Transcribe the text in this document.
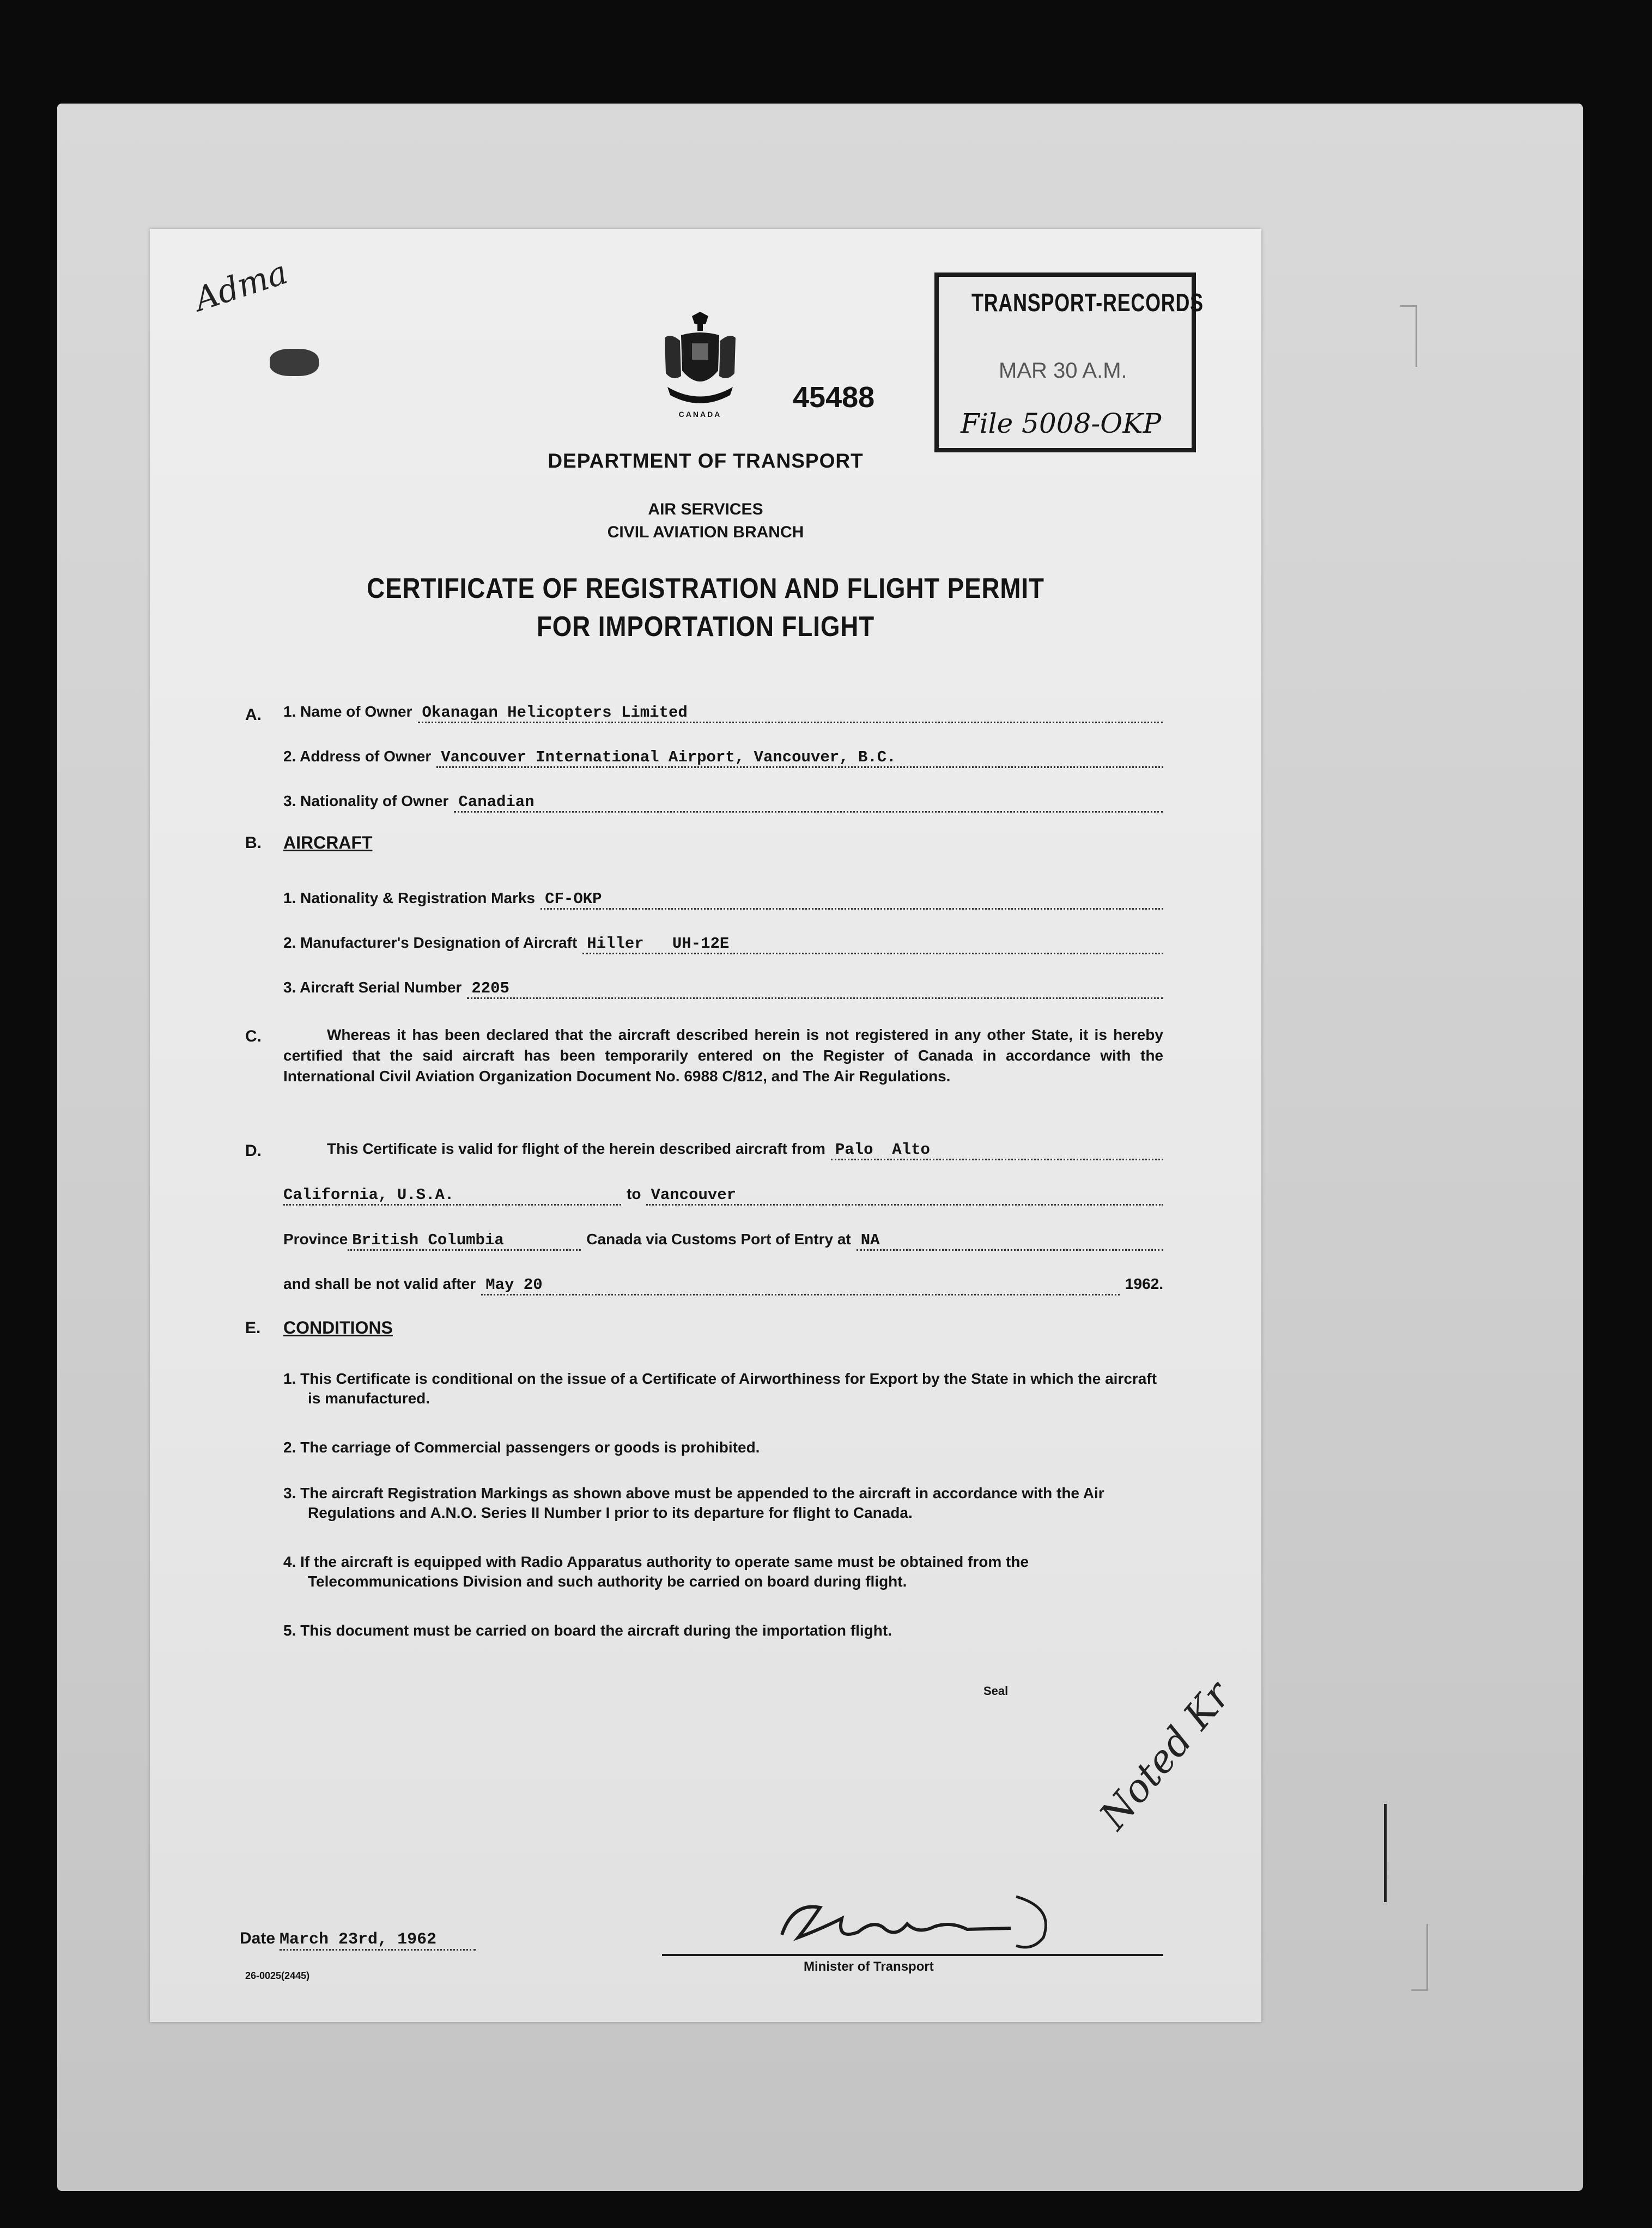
Adma
CANADA
45488
TRANSPORT-RECORDS
MAR 30 A.M.
File 5008-OKP
DEPARTMENT OF TRANSPORT
AIR SERVICES
CIVIL AVIATION BRANCH
CERTIFICATE OF REGISTRATION AND FLIGHT PERMIT
FOR IMPORTATION FLIGHT
A. 1. Name of Owner Okanagan Helicopters Limited
2. Address of Owner Vancouver International Airport, Vancouver, B.C.
3. Nationality of Owner Canadian
B. AIRCRAFT
1. Nationality & Registration Marks CF-OKP
2. Manufacturer's Designation of Aircraft Hiller   UH-12E
3. Aircraft Serial Number 2205
C.	Whereas it has been declared that the aircraft described herein is not registered in any other State, it is hereby certified that the said aircraft has been temporarily entered on the Register of Canada in accordance with the International Civil Aviation Organization Document No. 6988 C/812, and The Air Regulations.
D.	This Certificate is valid for flight of the herein described aircraft from Palo  Alto
California, U.S.A.	to Vancouver
Province British Columbia	Canada via Customs Port of Entry at NA
and shall be not valid after May 20	1962.
E. CONDITIONS
1. This Certificate is conditional on the issue of a Certificate of Airworthiness for Export by the State in which the aircraft is manufactured.
2. The carriage of Commercial passengers or goods is prohibited.
3. The aircraft Registration Markings as shown above must be appended to the aircraft in accordance with the Air Regulations and A.N.O. Series II Number I prior to its departure for flight to Canada.
4. If the aircraft is equipped with Radio Apparatus authority to operate same must be obtained from the Telecommunications Division and such authority be carried on board during flight.
5. This document must be carried on board the aircraft during the importation flight.
Seal Noted Kr
Date March 23rd, 1962
26-0025(2445)
Minister of Transport
